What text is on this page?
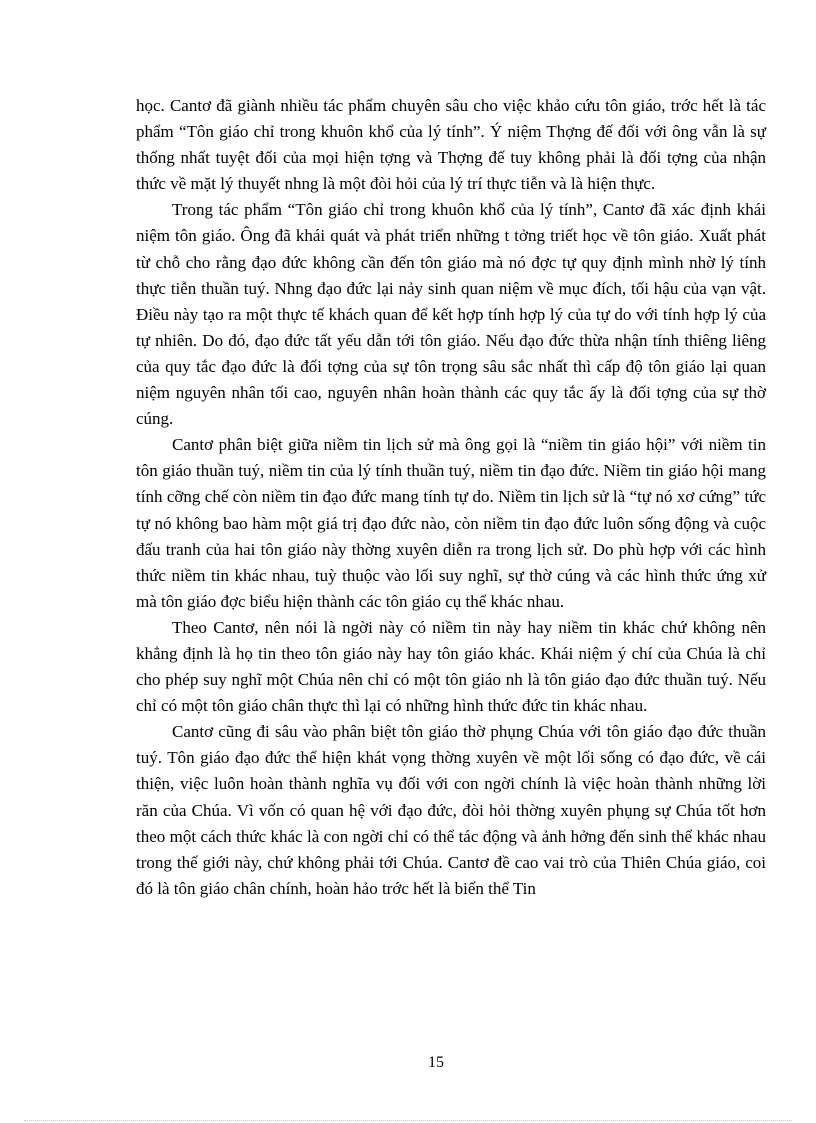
học. Cantơ đã giành nhiều tác phẩm chuyên sâu cho việc khảo cứu tôn giáo, trớc hết là tác phẩm “Tôn giáo chỉ trong khuôn khổ của lý tính”. Ý niệm Thợng đế đối với ông vẫn là sự thống nhất tuyệt đối của mọi hiện tợng và Thợng đế tuy không phải là đối tợng của nhận thức về mặt lý thuyết nhng là một đòi hỏi của lý trí thực tiễn và là hiện thực.

Trong tác phẩm “Tôn giáo chỉ trong khuôn khổ của lý tính”, Cantơ đã xác định khái niệm tôn giáo. Ông đã khái quát và phát triển những t tởng triết học về tôn giáo. Xuất phát từ chỗ cho rằng đạo đức không cần đến tôn giáo mà nó đợc tự quy định mình nhờ lý tính thực tiễn thuần tuý. Nhng đạo đức lại nảy sinh quan niệm về mục đích, tối hậu của vạn vật. Điều này tạo ra một thực tế khách quan để kết hợp tính hợp lý của tự do với tính hợp lý của tự nhiên. Do đó, đạo đức tất yếu dẫn tới tôn giáo. Nếu đạo đức thừa nhận tính thiêng liêng của quy tắc đạo đức là đối tợng của sự tôn trọng sâu sắc nhất thì cấp độ tôn giáo lại quan niệm nguyên nhân tối cao, nguyên nhân hoàn thành các quy tắc ấy là đối tợng của sự thờ cúng.

Cantơ phân biệt giữa niềm tin lịch sử mà ông gọi là “niềm tin giáo hội” với niềm tin tôn giáo thuần tuý, niềm tin của lý tính thuần tuý, niềm tin đạo đức. Niềm tin giáo hội mang tính cỡng chế còn niềm tin đạo đức mang tính tự do. Niềm tin lịch sử là “tự nó xơ cứng” tức tự nó không bao hàm một giá trị đạo đức nào, còn niềm tin đạo đức luôn sống động và cuộc đấu tranh của hai tôn giáo này thờng xuyên diễn ra trong lịch sử. Do phù hợp với các hình thức niềm tin khác nhau, tuỳ thuộc vào lối suy nghĩ, sự thờ cúng và các hình thức ứng xử mà tôn giáo đợc biểu hiện thành các tôn giáo cụ thể khác nhau.

Theo Cantơ, nên nói là ngời này có niềm tin này hay niềm tin khác chứ không nên khẳng định là họ tin theo tôn giáo này hay tôn giáo khác. Khái niệm ý chí của Chúa là chỉ cho phép suy nghĩ một Chúa nên chỉ có một tôn giáo nh là tôn giáo đạo đức thuần tuý. Nếu chỉ có một tôn giáo chân thực thì lại có những hình thức đức tin khác nhau.

Cantơ cũng đi sâu vào phân biệt tôn giáo thờ phụng Chúa với tôn giáo đạo đức thuần tuý. Tôn giáo đạo đức thể hiện khát vọng thờng xuyên về một lối sống có đạo đức, về cái thiện, việc luôn hoàn thành nghĩa vụ đối với con ngời chính là việc hoàn thành những lời răn của Chúa. Vì vốn có quan hệ với đạo đức, đòi hỏi thờng xuyên phụng sự Chúa tốt hơn theo một cách thức khác là con ngời chỉ có thể tác động và ảnh hởng đến sinh thể khác nhau trong thế giới này, chứ không phải tới Chúa. Cantơ đề cao vai trò của Thiên Chúa giáo, coi đó là tôn giáo chân chính, hoàn hảo trớc hết là biến thể Tin

15
